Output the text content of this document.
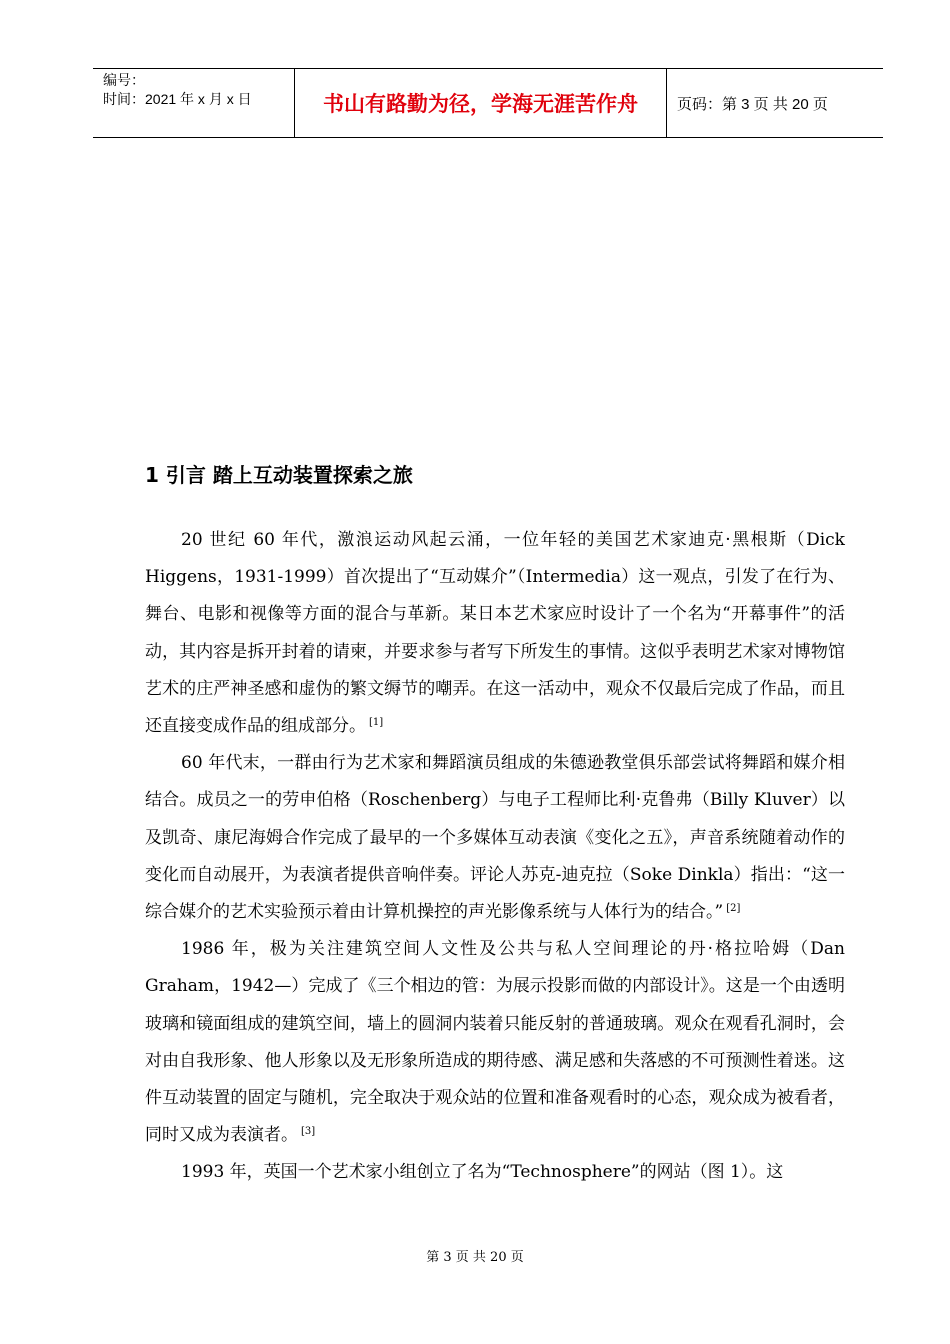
编号：
时间：2021 年 x 月 x 日	书山有路勤为径，学海无涯苦作舟	页码：第 3 页 共 20 页
1 引言 踏上互动装置探索之旅

20 世纪 60 年代，激浪运动风起云涌，一位年轻的美国艺术家迪克·黑根斯（Dick Higgens，1931-1999）首次提出了“互动媒介”（Intermedia）这一观点，引发了在行为、舞台、电影和视像等方面的混合与革新。某日本艺术家应时设计了一个名为“开幕事件”的活动，其内容是拆开封着的请柬，并要求参与者写下所发生的事情。这似乎表明艺术家对博物馆艺术的庄严神圣感和虚伪的繁文缛节的嘲弄。在这一活动中，观众不仅最后完成了作品，而且还直接变成作品的组成部分。 [1]

60 年代末，一群由行为艺术家和舞蹈演员组成的朱德逊教堂俱乐部尝试将舞蹈和媒介相结合。成员之一的劳申伯格（Roschenberg）与电子工程师比利·克鲁弗（Billy Kluver）以及凯奇、康尼海姆合作完成了最早的一个多媒体互动表演《变化之五》，声音系统随着动作的变化而自动展开，为表演者提供音响伴奏。评论人苏克-迪克拉（Soke Dinkla）指出：“这一综合媒介的艺术实验预示着由计算机操控的声光影像系统与人体行为的结合。” [2]

1986 年，极为关注建筑空间人文性及公共与私人空间理论的丹·格拉哈姆（Dan Graham，1942—）完成了《三个相边的管：为展示投影而做的内部设计》。这是一个由透明玻璃和镜面组成的建筑空间，墙上的圆洞内装着只能反射的普通玻璃。观众在观看孔洞时，会对由自我形象、他人形象以及无形象所造成的期待感、满足感和失落感的不可预测性着迷。这件互动装置的固定与随机，完全取决于观众站的位置和准备观看时的心态，观众成为被看者，同时又成为表演者。 [3]

1993 年，英国一个艺术家小组创立了名为“Technosphere”的网站（图 1）。这

第 3 页 共 20 页
